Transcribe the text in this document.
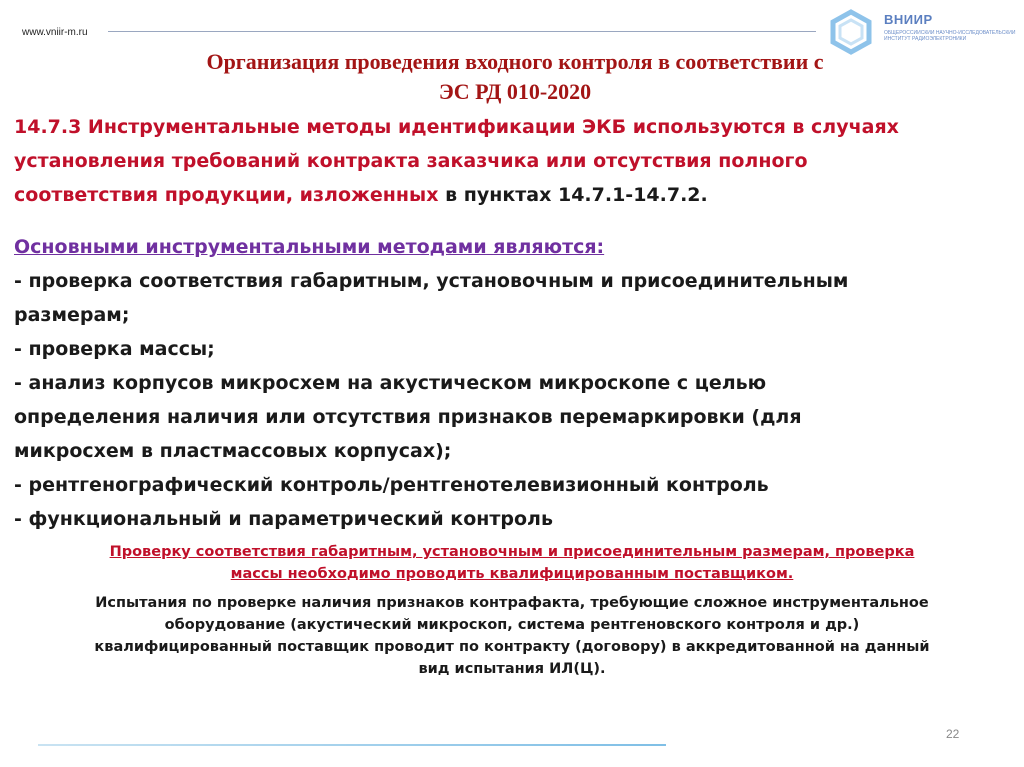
www.vniir-m.ru
ВНИИР
ОБЩЕРОССИЙСКИЙ НАУЧНО-ИССЛЕДОВАТЕЛЬСКИЙ
ИНСТИТУТ РАДИОЭЛЕКТРОНИКИ
Организация проведения входного контроля в соответствии с
ЭС РД 010-2020
14.7.3 Инструментальные методы идентификации ЭКБ используются в случаях
установления требований контракта заказчика или отсутствия полного
соответствия продукции, изложенных в пунктах 14.7.1-14.7.2.
Основными инструментальными методами являются:
- проверка соответствия габаритным, установочным и присоединительным
размерам;
- проверка массы;
- анализ корпусов микросхем на акустическом микроскопе с целью
определения наличия или отсутствия признаков перемаркировки (для
микросхем в пластмассовых корпусах);
- рентгенографический контроль/рентгенотелевизионный контроль
- функциональный и параметрический контроль
Проверку соответствия габаритным, установочным и присоединительным размерам, проверка
массы необходимо проводить квалифицированным поставщиком.
Испытания по проверке наличия признаков контрафакта, требующие сложное инструментальное
оборудование (акустический микроскоп, система рентгеновского контроля и др.)
квалифицированный поставщик проводит по контракту (договору) в аккредитованной на данный
вид испытания ИЛ(Ц).
22
